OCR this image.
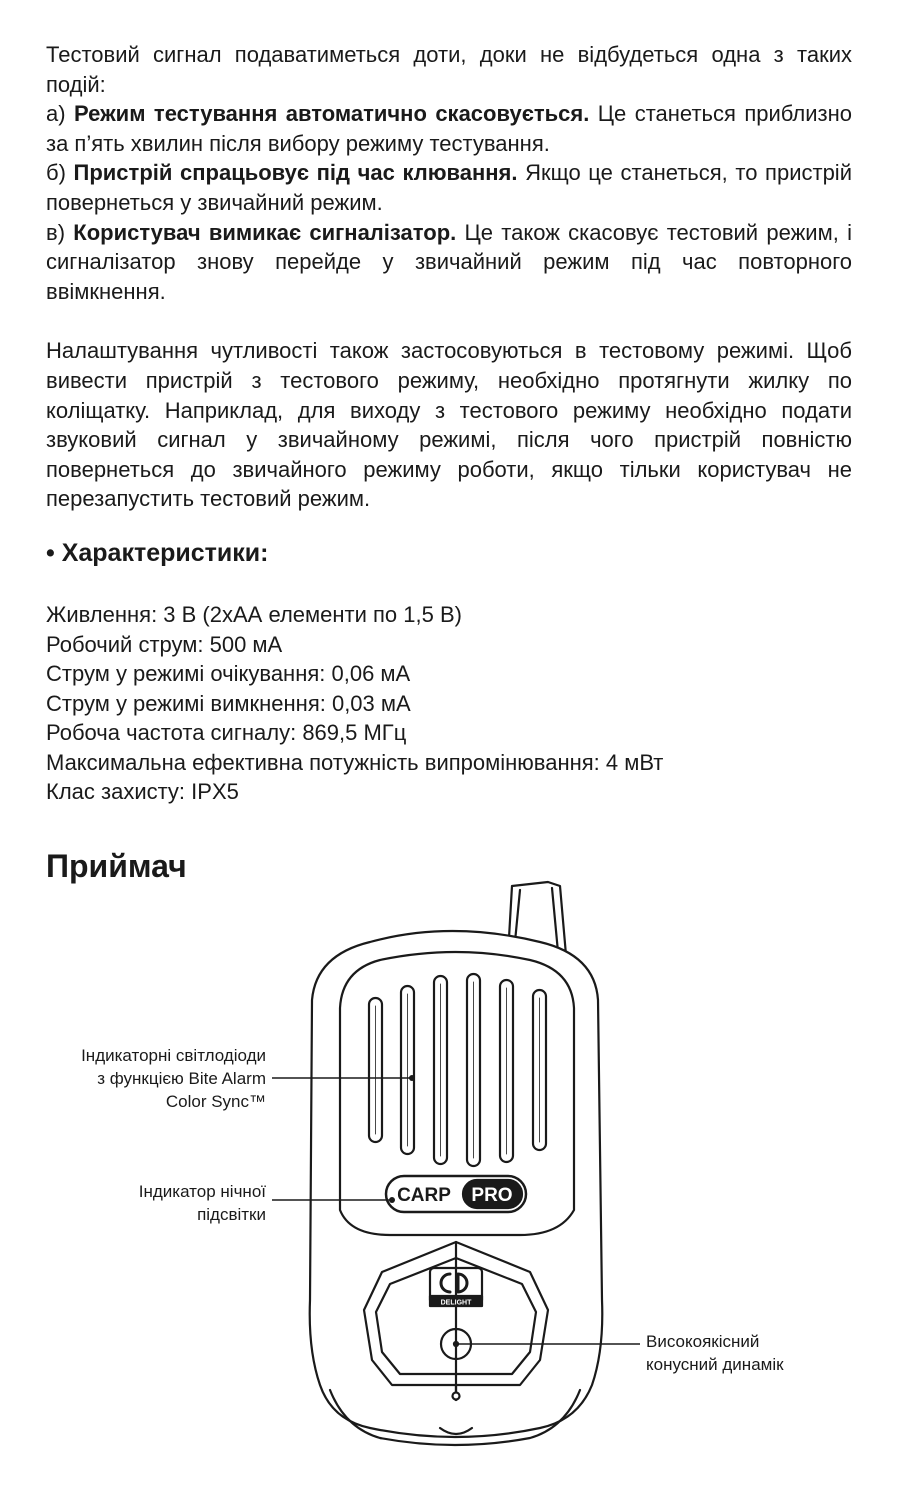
Тестовий сигнал подаватиметься доти, доки не відбудеться одна з таких подій:

а) Режим тестування автоматично скасовується. Це станеться приблизно за п’ять хвилин після вибору режиму тестування.

б) Пристрій спрацьовує під час клювання. Якщо це станеться, то пристрій повернеться у звичайний режим.

в) Користувач вимикає сигналізатор. Це також скасовує тестовий режим, і сигналізатор знову перейде у звичайний режим під час повторного ввімкнення.

Налаштування чутливості також застосовуються в тестовому режимі. Щоб вивести пристрій з тестового режиму, необхідно протягнути жилку по коліщатку. Наприклад, для виходу з тестового режиму необхідно подати звуковий сигнал у звичайному режимі, після чого пристрій повністю повернеться до звичайного режиму роботи, якщо тільки користувач не перезапустить тестовий режим.

• Характеристики:
Живлення: 3 В (2хАА елементи по 1,5 В)
Робочий струм: 500 мА
Струм у режимі очікування: 0,06 мА
Струм у режимі вимкнення: 0,03 мА
Робоча частота сигналу: 869,5 МГц
Максимальна ефективна потужність випромінювання: 4 мВт
Клас захисту: IPX5
Приймач
CARP PRO
DELIGHT
Індикаторні світлодіоди
з функцією Bite Alarm
Color Sync™
Індикатор нічної
підсвітки
Високоякісний
конусний динамік
